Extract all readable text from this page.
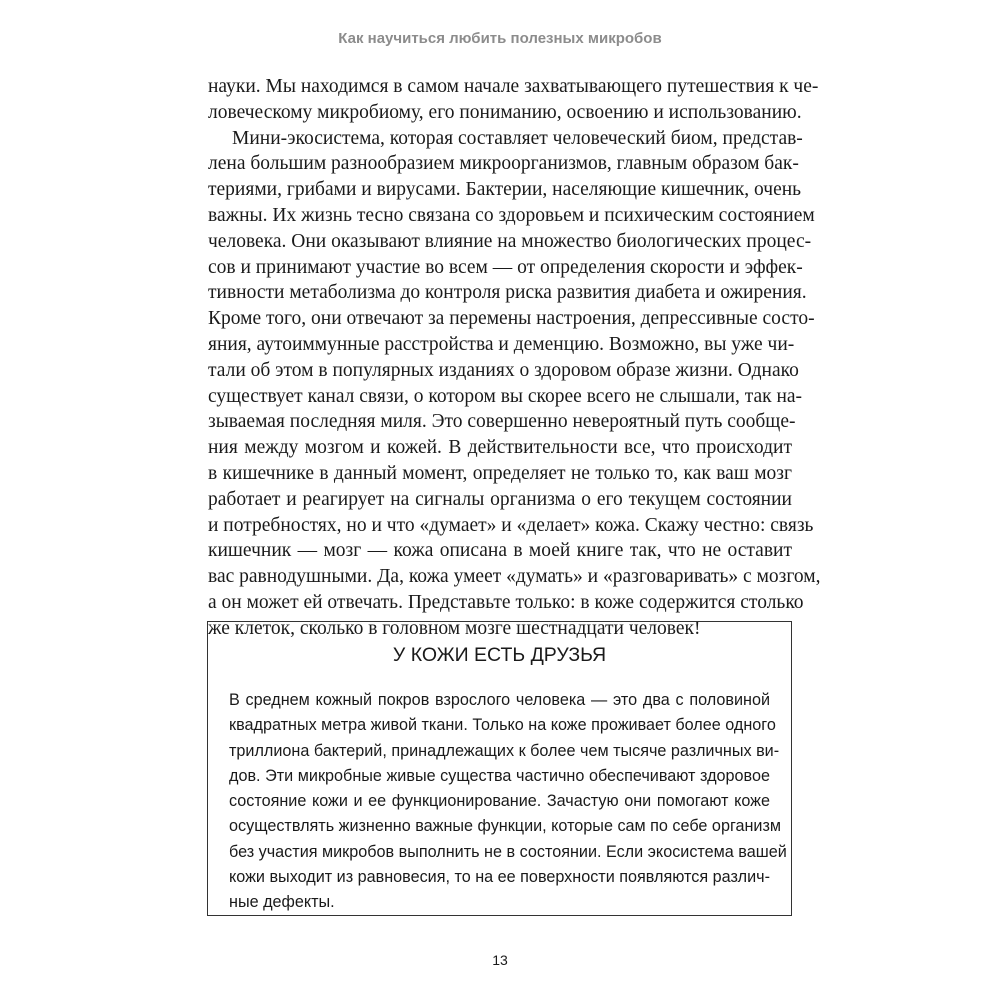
Как научиться любить полезных микробов
науки. Мы находимся в самом начале захватывающего путешествия к че-
ловеческому микробиому, его пониманию, освоению и использованию.
Мини-экосистема, которая составляет человеческий биом, представ-
лена большим разнообразием микроорганизмов, главным образом бак-
териями, грибами и вирусами. Бактерии, населяющие кишечник, очень
важны. Их жизнь тесно связана со здоровьем и психическим состоянием
человека. Они оказывают влияние на множество биологических процес-
сов и принимают участие во всем — от определения скорости и эффек-
тивности метаболизма до контроля риска развития диабета и ожирения.
Кроме того, они отвечают за перемены настроения, депрессивные состо-
яния, аутоиммунные расстройства и деменцию. Возможно, вы уже чи-
тали об этом в популярных изданиях о здоровом образе жизни. Однако
существует канал связи, о котором вы скорее всего не слышали, так на-
зываемая последняя миля. Это совершенно невероятный путь сообще-
ния между мозгом и кожей. В действительности все, что происходит
в кишечнике в данный момент, определяет не только то, как ваш мозг
работает и реагирует на сигналы организма о его текущем состоянии
и потребностях, но и что «думает» и «делает» кожа. Скажу честно: связь
кишечник — мозг — кожа описана в моей книге так, что не оставит
вас равнодушными. Да, кожа умеет «думать» и «разговаривать» с мозгом,
а он может ей отвечать. Представьте только: в коже содержится столько
же клеток, сколько в головном мозге шестнадцати человек!
У КОЖИ ЕСТЬ ДРУЗЬЯ
В среднем кожный покров взрослого человека — это два с половиной
квадратных метра живой ткани. Только на коже проживает более одного
триллиона бактерий, принадлежащих к более чем тысяче различных ви-
дов. Эти микробные живые существа частично обеспечивают здоровое
состояние кожи и ее функционирование. Зачастую они помогают коже
осуществлять жизненно важные функции, которые сам по себе организм
без участия микробов выполнить не в состоянии. Если экосистема вашей
кожи выходит из равновесия, то на ее поверхности появляются различ-
ные дефекты.
13
